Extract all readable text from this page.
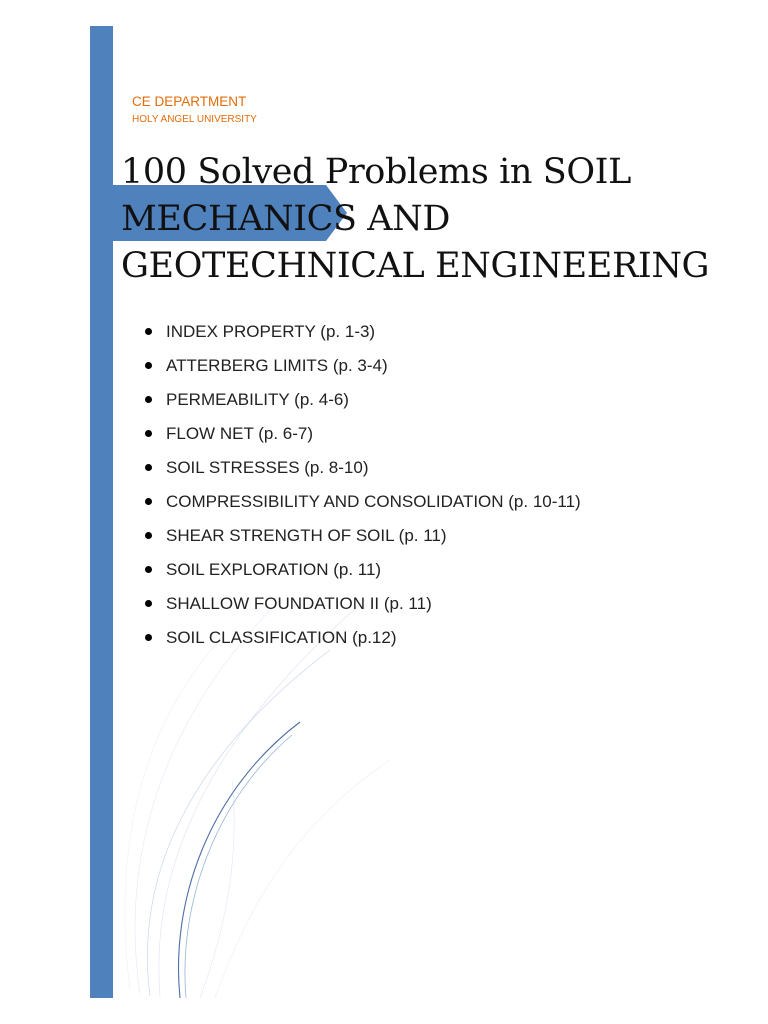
CE DEPARTMENT
HOLY ANGEL UNIVERSITY
100 Solved Problems in SOIL
MECHANICS AND
GEOTECHNICAL ENGINEERING
INDEX PROPERTY (p. 1-3)
ATTERBERG LIMITS (p. 3-4)
PERMEABILITY (p. 4-6)
FLOW NET (p. 6-7)
SOIL STRESSES (p. 8-10)
COMPRESSIBILITY AND CONSOLIDATION (p. 10-11)
SHEAR STRENGTH OF SOIL (p. 11)
SOIL EXPLORATION (p. 11)
SHALLOW FOUNDATION II (p. 11)
SOIL CLASSIFICATION (p.12)
